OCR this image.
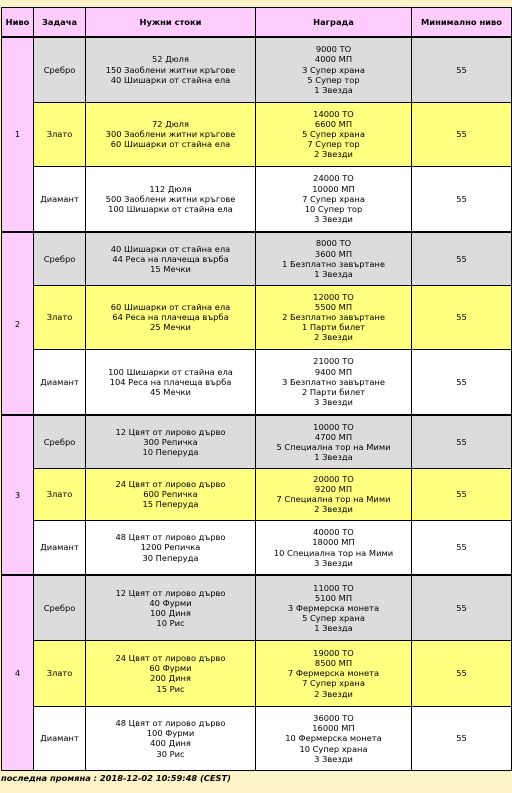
Ниво	Задача	Нужни стоки	Награда	Минимално ниво
1	Сребро	52 Дюля
150 Заоблени житни кръгове
40 Шишарки от стайна ела	9000 ТО
4000 МП
3 Супер храна
5 Супер тор
1 Звезда	55
	Злато	72 Дюля
300 Заоблени житни кръгове
60 Шишарки от стайна ела	14000 ТО
6600 МП
5 Супер храна
7 Супер тор
2 Звезди	55
	Диамант	112 Дюля
500 Заоблени житни кръгове
100 Шишарки от стайна ела	24000 ТО
10000 МП
7 Супер храна
10 Супер тор
3 Звезди	55
2	Сребро	40 Шишарки от стайна ела
44 Реса на плачеща върба
15 Мечки	8000 ТО
3600 МП
1 Безплатно завъртане
1 Звезда	55
	Злато	60 Шишарки от стайна ела
64 Реса на плачеща върба
25 Мечки	12000 ТО
5500 МП
2 Безплатно завъртане
1 Парти билет
2 Звезди	55
	Диамант	100 Шишарки от стайна ела
104 Реса на плачеща върба
45 Мечки	21000 ТО
9400 МП
3 Безплатно завъртане
2 Парти билет
3 Звезди	55
3	Сребро	12 Цвят от лирово дърво
300 Репичка
10 Пеперуда	10000 ТО
4700 МП
5 Специална тор на Мими
1 Звезда	55
	Злато	24 Цвят от лирово дърво
600 Репичка
15 Пеперуда	20000 ТО
9200 МП
7 Специална тор на Мими
2 Звезди	55
	Диамант	48 Цвят от лирово дърво
1200 Репичка
30 Пеперуда	40000 ТО
18000 МП
10 Специална тор на Мими
3 Звезди	55
4	Сребро	12 Цвят от лирово дърво
40 Фурми
100 Диня
10 Рис	11000 ТО
5100 МП
3 Фермерска монета
5 Супер храна
1 Звезда	55
	Злато	24 Цвят от лирово дърво
60 Фурми
200 Диня
15 Рис	19000 ТО
8500 МП
7 Фермерска монета
7 Супер храна
2 Звезди	55
	Диамант	48 Цвят от лирово дърво
100 Фурми
400 Диня
30 Рис	36000 ТО
16000 МП
10 Фермерска монета
10 Супер храна
3 Звезди	55
последна промяна : 2018-12-02 10:59:48 (CEST)
